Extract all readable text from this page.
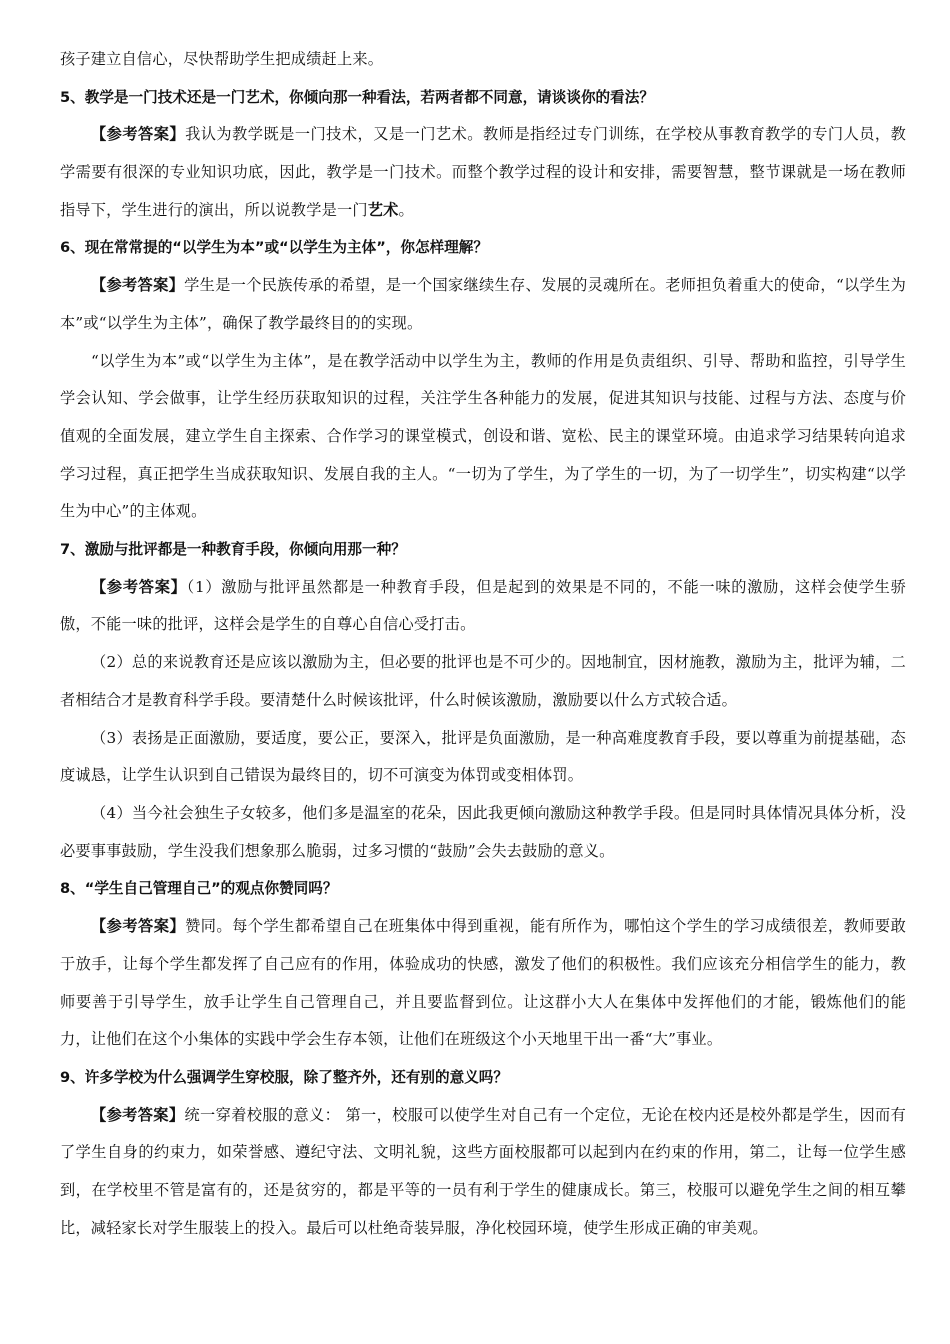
孩子建立自信心，尽快帮助学生把成绩赶上来。

5、教学是一门技术还是一门艺术，你倾向那一种看法，若两者都不同意，请谈谈你的看法？

【参考答案】我认为教学既是一门技术，又是一门艺术。教师是指经过专门训练，在学校从事教育教学的专门人员，教学需要有很深的专业知识功底，因此，教学是一门技术。而整个教学过程的设计和安排，需要智慧，整节课就是一场在教师指导下，学生进行的演出，所以说教学是一门艺术。

6、现在常常提的“以学生为本”或“以学生为主体”，你怎样理解？

【参考答案】学生是一个民族传承的希望，是一个国家继续生存、发展的灵魂所在。老师担负着重大的使命，“以学生为本”或“以学生为主体”，确保了教学最终目的的实现。

“以学生为本”或“以学生为主体”，是在教学活动中以学生为主，教师的作用是负责组织、引导、帮助和监控，引导学生学会认知、学会做事，让学生经历获取知识的过程，关注学生各种能力的发展，促进其知识与技能、过程与方法、态度与价值观的全面发展，建立学生自主探索、合作学习的课堂模式，创设和谐、宽松、民主的课堂环境。由追求学习结果转向追求学习过程，真正把学生当成获取知识、发展自我的主人。“一切为了学生，为了学生的一切，为了一切学生”，切实构建“以学生为中心”的主体观。

7、激励与批评都是一种教育手段，你倾向用那一种？

【参考答案】（1）激励与批评虽然都是一种教育手段，但是起到的效果是不同的，不能一味的激励，这样会使学生骄傲，不能一味的批评，这样会是学生的自尊心自信心受打击。

（2）总的来说教育还是应该以激励为主，但必要的批评也是不可少的。因地制宜，因材施教，激励为主，批评为辅，二者相结合才是教育科学手段。要清楚什么时候该批评，什么时候该激励，激励要以什么方式较合适。

（3）表扬是正面激励，要适度，要公正，要深入，批评是负面激励，是一种高难度教育手段，要以尊重为前提基础，态度诚恳，让学生认识到自己错误为最终目的，切不可演变为体罚或变相体罚。

（4）当今社会独生子女较多，他们多是温室的花朵，因此我更倾向激励这种教学手段。但是同时具体情况具体分析，没必要事事鼓励，学生没我们想象那么脆弱，过多习惯的“鼓励”会失去鼓励的意义。

8、“学生自己管理自己”的观点你赞同吗？

【参考答案】赞同。每个学生都希望自己在班集体中得到重视，能有所作为，哪怕这个学生的学习成绩很差，教师要敢于放手，让每个学生都发挥了自己应有的作用，体验成功的快感，激发了他们的积极性。我们应该充分相信学生的能力，教师要善于引导学生，放手让学生自己管理自己，并且要监督到位。让这群小大人在集体中发挥他们的才能，锻炼他们的能力，让他们在这个小集体的实践中学会生存本领，让他们在班级这个小天地里干出一番“大”事业。

9、许多学校为什么强调学生穿校服，除了整齐外，还有别的意义吗？

【参考答案】统一穿着校服的意义： 第一，校服可以使学生对自己有一个定位，无论在校内还是校外都是学生，因而有了学生自身的约束力，如荣誉感、遵纪守法、文明礼貌，这些方面校服都可以起到内在约束的作用，第二，让每一位学生感到，在学校里不管是富有的，还是贫穷的，都是平等的一员有利于学生的健康成长。第三，校服可以避免学生之间的相互攀比，减轻家长对学生服装上的投入。最后可以杜绝奇装异服，净化校园环境，使学生形成正确的审美观。
